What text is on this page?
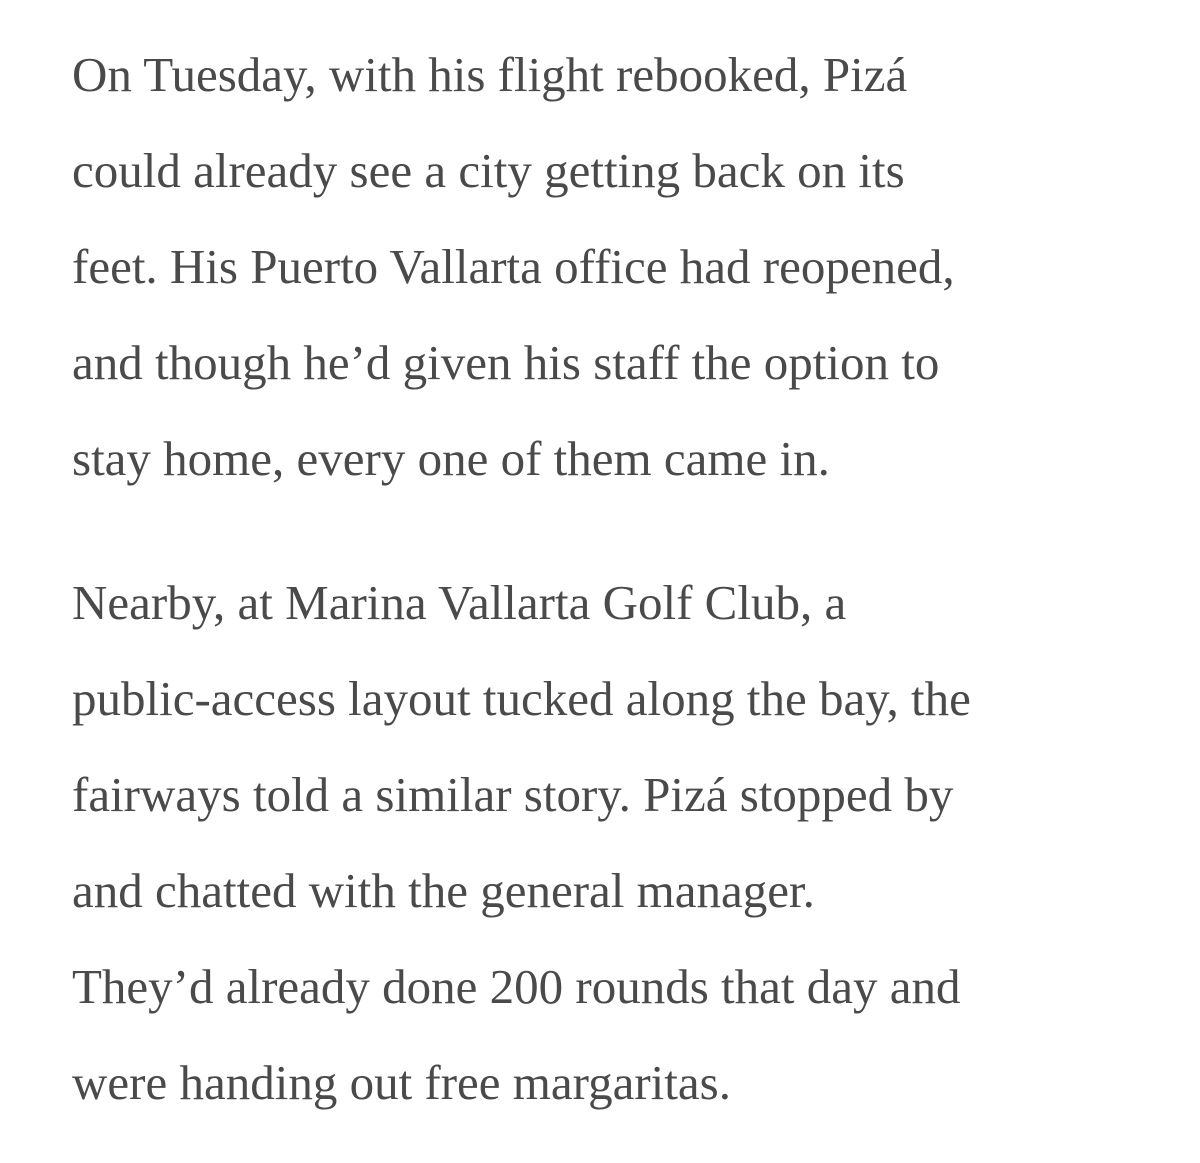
On Tuesday, with his flight rebooked, Pizá
could already see a city getting back on its
feet. His Puerto Vallarta office had reopened,
and though he’d given his staff the option to
stay home, every one of them came in.
Nearby, at Marina Vallarta Golf Club, a
public-access layout tucked along the bay, the
fairways told a similar story. Pizá stopped by
and chatted with the general manager.
They’d already done 200 rounds that day and
were handing out free margaritas.
